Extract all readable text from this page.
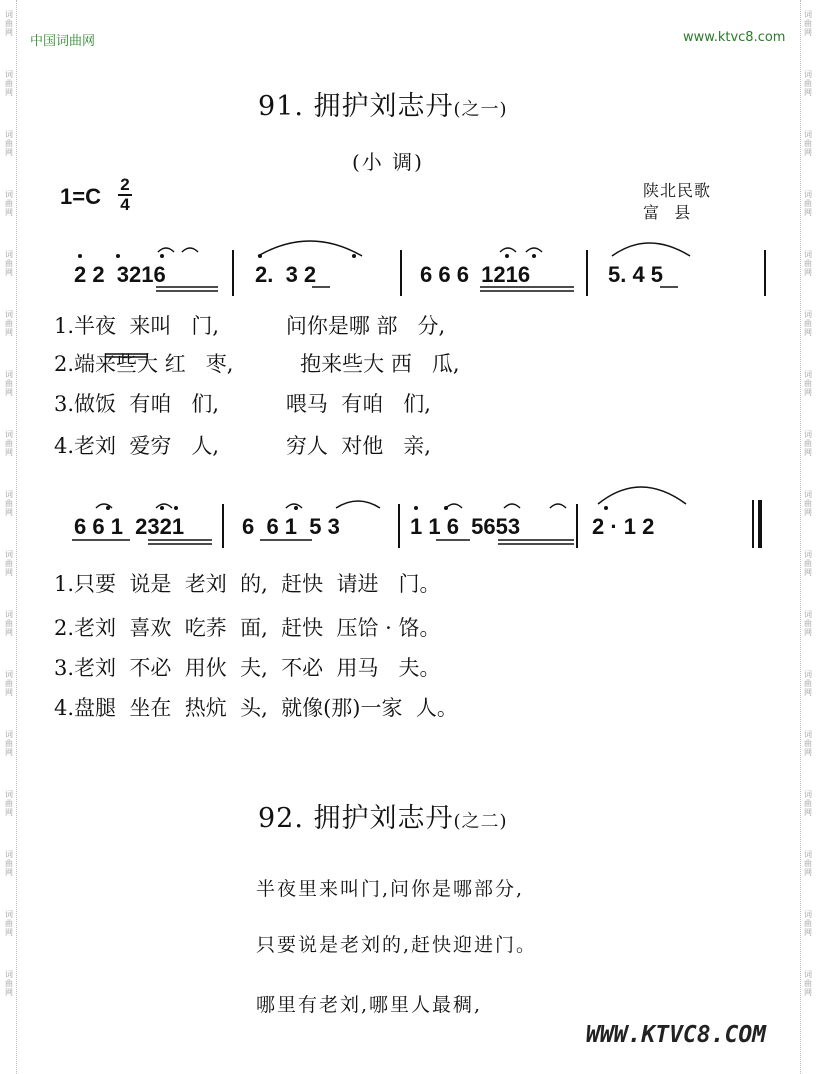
词
曲
网
词
曲
网
词
曲
网
词
曲
网
词
曲
网
词
曲
网
词
曲
网
词
曲
网
词
曲
网
词
曲
网
词
曲
网
词
曲
网
词
曲
网
词
曲
网
词
曲
网
词
曲
网
词
曲
网
词
曲
网
词
曲
网
词
曲
网
词
曲
网
词
曲
网
词
曲
网
词
曲
网
词
曲
网
词
曲
网
词
曲
网
词
曲
网
词
曲
网
词
曲
网
词
曲
网
词
曲
网
词
曲
网
词
曲
网
中国词曲网	www.ktvc8.com
91. 拥护刘志丹(之一)
(小 调)
1=C 2
4
陕北民歌
富   县
2 2  3216	2.  3 2	6 6 6  1216	5. 4 5
1.半夜  来叫   门,          问你是哪 部   分,
2.端来些大 红   枣,          抱来些大 西   瓜,
3.做饭  有咱   们,          喂马  有咱   们,
4.老刘  爱穷   人,          穷人  对他   亲,
6 6 1  2321	6  6 1  5 3	1 1 6  5653	2 · 1 2
1.只要  说是  老刘  的,  赶快  请进   门。
2.老刘  喜欢  吃荞  面,  赶快  压饸 · 饹。
3.老刘  不必  用伙  夫,  不必  用马   夫。
4.盘腿  坐在  热炕  头,  就像(那)一家  人。
92. 拥护刘志丹(之二)
半夜里来叫门,问你是哪部分,
只要说是老刘的,赶快迎进门。
哪里有老刘,哪里人最稠,
WWW.KTVC8.COM
